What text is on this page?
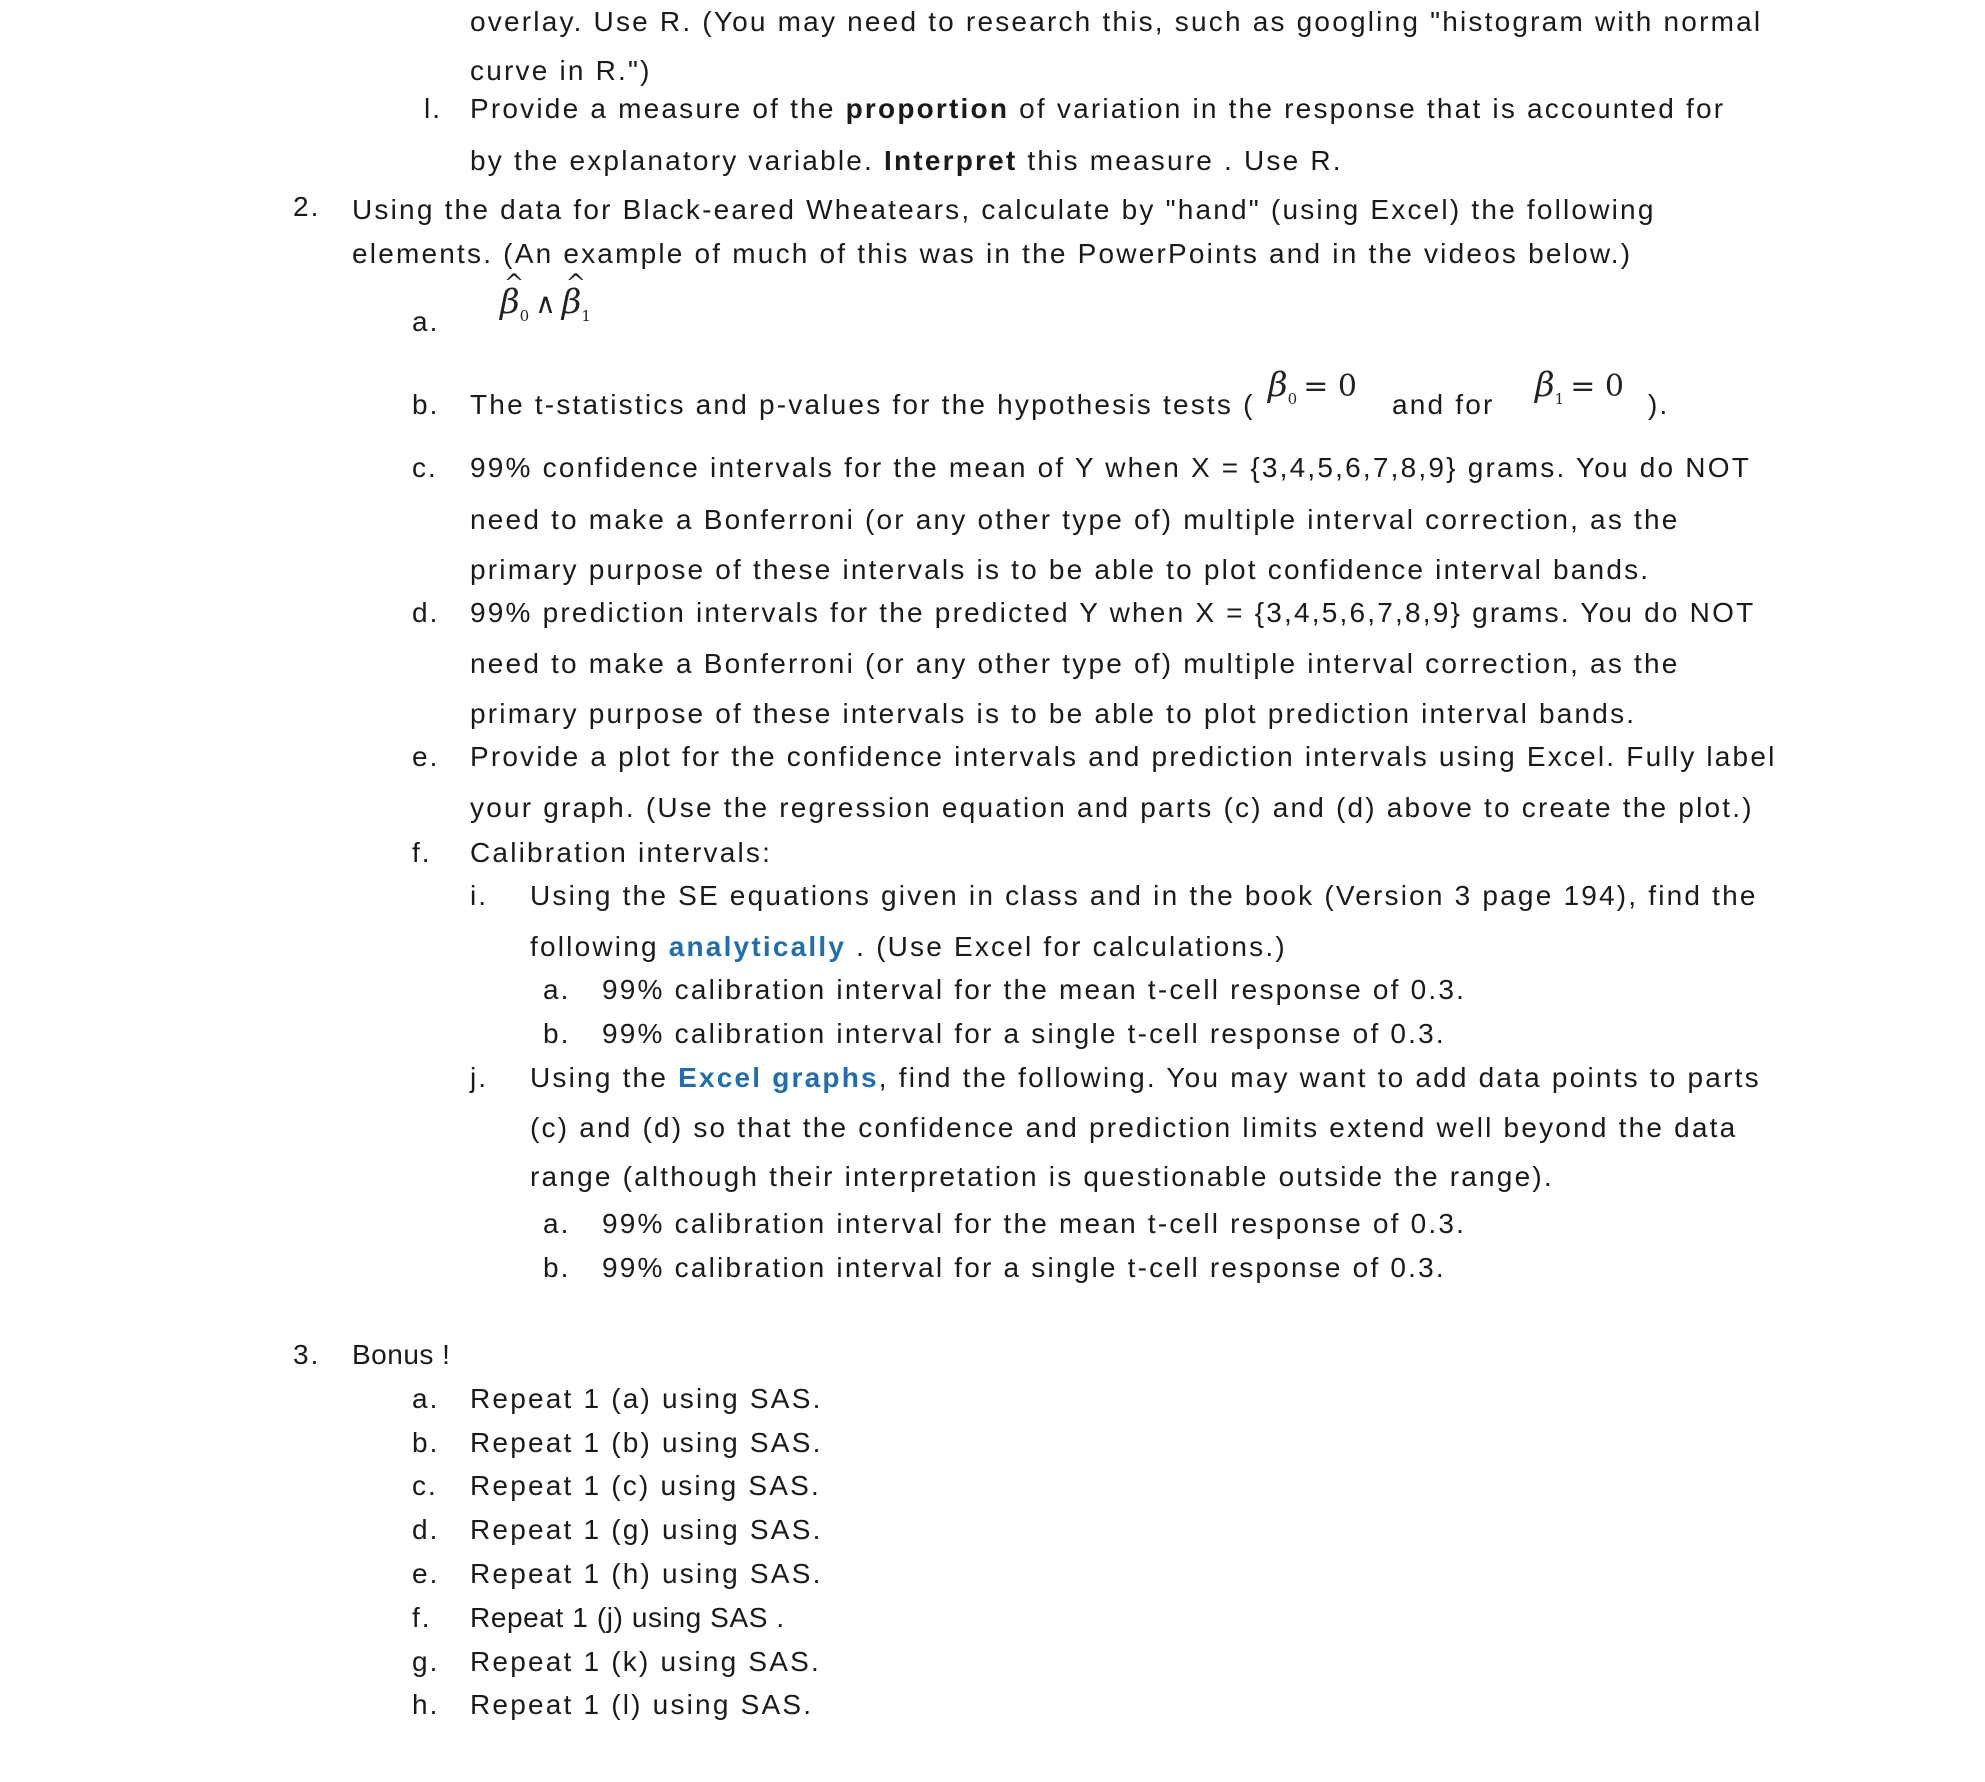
overlay. Use R. (You may need to research this, such as googling "histogram with normal
curve in R.")
l. Provide a measure of the proportion of variation in the response that is accounted for
by the explanatory variable. Interpret this measure . Use R.
2. Using the data for Black-eared Wheatears, calculate by "hand" (using Excel) the following
elements. (An example of much of this was in the PowerPoints and in the videos below.)
a. ^ $\beta_0$ ∧ ^ $\beta_1$
b. The t-statistics and p-values for the hypothesis tests ( $\beta_0 = 0$
and for $\beta_1 = 0$
).
c. 99% confidence intervals for the mean of Y when X = {3,4,5,6,7,8,9} grams. You do NOT
need to make a Bonferroni (or any other type of) multiple interval correction, as the
primary purpose of these intervals is to be able to plot confidence interval bands.
d. 99% prediction intervals for the predicted Y when X = {3,4,5,6,7,8,9} grams. You do NOT
need to make a Bonferroni (or any other type of) multiple interval correction, as the
primary purpose of these intervals is to be able to plot prediction interval bands.
e. Provide a plot for the confidence intervals and prediction intervals using Excel. Fully label
your graph. (Use the regression equation and parts (c) and (d) above to create the plot.)
f. Calibration intervals:
i. Using the SE equations given in class and in the book (Version 3 page 194), find the
following analytically . (Use Excel for calculations.)
a. 99% calibration interval for the mean t-cell response of 0.3.
b. 99% calibration interval for a single t-cell response of 0.3.
j. Using the Excel graphs, find the following. You may want to add data points to parts
(c) and (d) so that the confidence and prediction limits extend well beyond the data
range (although their interpretation is questionable outside the range).
a. 99% calibration interval for the mean t-cell response of 0.3.
b. 99% calibration interval for a single t-cell response of 0.3.
3. Bonus !
a. Repeat 1 (a) using SAS.
b. Repeat 1 (b) using SAS.
c. Repeat 1 (c) using SAS.
d. Repeat 1 (g) using SAS.
e. Repeat 1 (h) using SAS.
f. Repeat 1 (j) using SAS .
g. Repeat 1 (k) using SAS.
h. Repeat 1 (l) using SAS.
